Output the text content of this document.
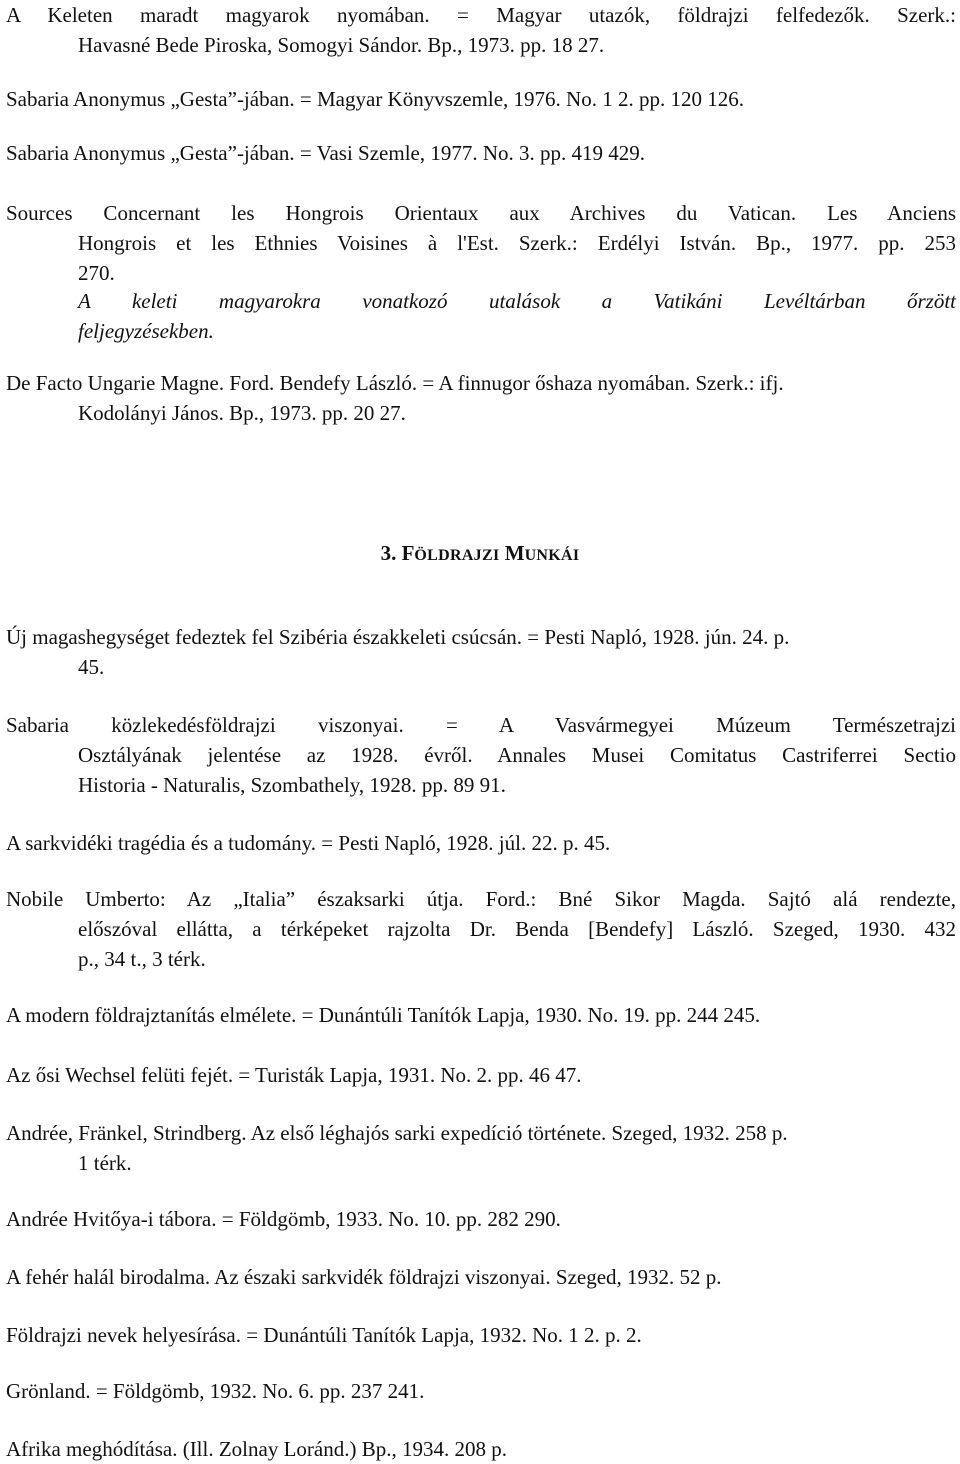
A Keleten maradt magyarok nyomában. = Magyar utazók, földrajzi felfedezők. Szerk.:
Havasné Bede Piroska, Somogyi Sándor. Bp., 1973. pp. 18 27.
Sabaria Anonymus „Gesta”-jában. = Magyar Könyvszemle, 1976. No. 1 2. pp. 120 126.
Sabaria Anonymus „Gesta”-jában. = Vasi Szemle, 1977. No. 3. pp. 419 429.
Sources Concernant les Hongrois Orientaux aux Archives du Vatican. Les Anciens
Hongrois et les Ethnies Voisines à l'Est. Szerk.: Erdélyi István. Bp., 1977. pp. 253
270.
A keleti magyarokra vonatkozó utalások a Vatikáni Levéltárban őrzött
feljegyzésekben.
De Facto Ungarie Magne. Ford. Bendefy László. = A finnugor őshaza nyomában. Szerk.: ifj.
Kodolányi János. Bp., 1973. pp. 20 27.
3. FÖLDRAJZI MUNKÁI
Új magashegységet fedeztek fel Szibéria északkeleti csúcsán. = Pesti Napló, 1928. jún. 24. p.
45.
Sabaria közlekedésföldrajzi viszonyai. = A Vasvármegyei Múzeum Természetrajzi
Osztályának jelentése az 1928. évről. Annales Musei Comitatus Castriferrei Sectio
Historia - Naturalis, Szombathely, 1928. pp. 89 91.
A sarkvidéki tragédia és a tudomány. = Pesti Napló, 1928. júl. 22. p. 45.
Nobile Umberto: Az „Italia” északsarki útja. Ford.: Bné Sikor Magda. Sajtó alá rendezte,
előszóval ellátta, a térképeket rajzolta Dr. Benda [Bendefy] László. Szeged, 1930. 432
p., 34 t., 3 térk.
A modern földrajztanítás elmélete. = Dunántúli Tanítók Lapja, 1930. No. 19. pp. 244 245.
Az ősi Wechsel felüti fejét. = Turisták Lapja, 1931. No. 2. pp. 46 47.
Andrée, Fränkel, Strindberg. Az első léghajós sarki expedíció története. Szeged, 1932. 258 p.
1 térk.
Andrée Hvitőya-i tábora. = Földgömb, 1933. No. 10. pp. 282 290.
A fehér halál birodalma. Az északi sarkvidék földrajzi viszonyai. Szeged, 1932. 52 p.
Földrajzi nevek helyesírása. = Dunántúli Tanítók Lapja, 1932. No. 1 2. p. 2.
Grönland. = Földgömb, 1932. No. 6. pp. 237 241.
Afrika meghódítása. (Ill. Zolnay Loránd.) Bp., 1934. 208 p.
